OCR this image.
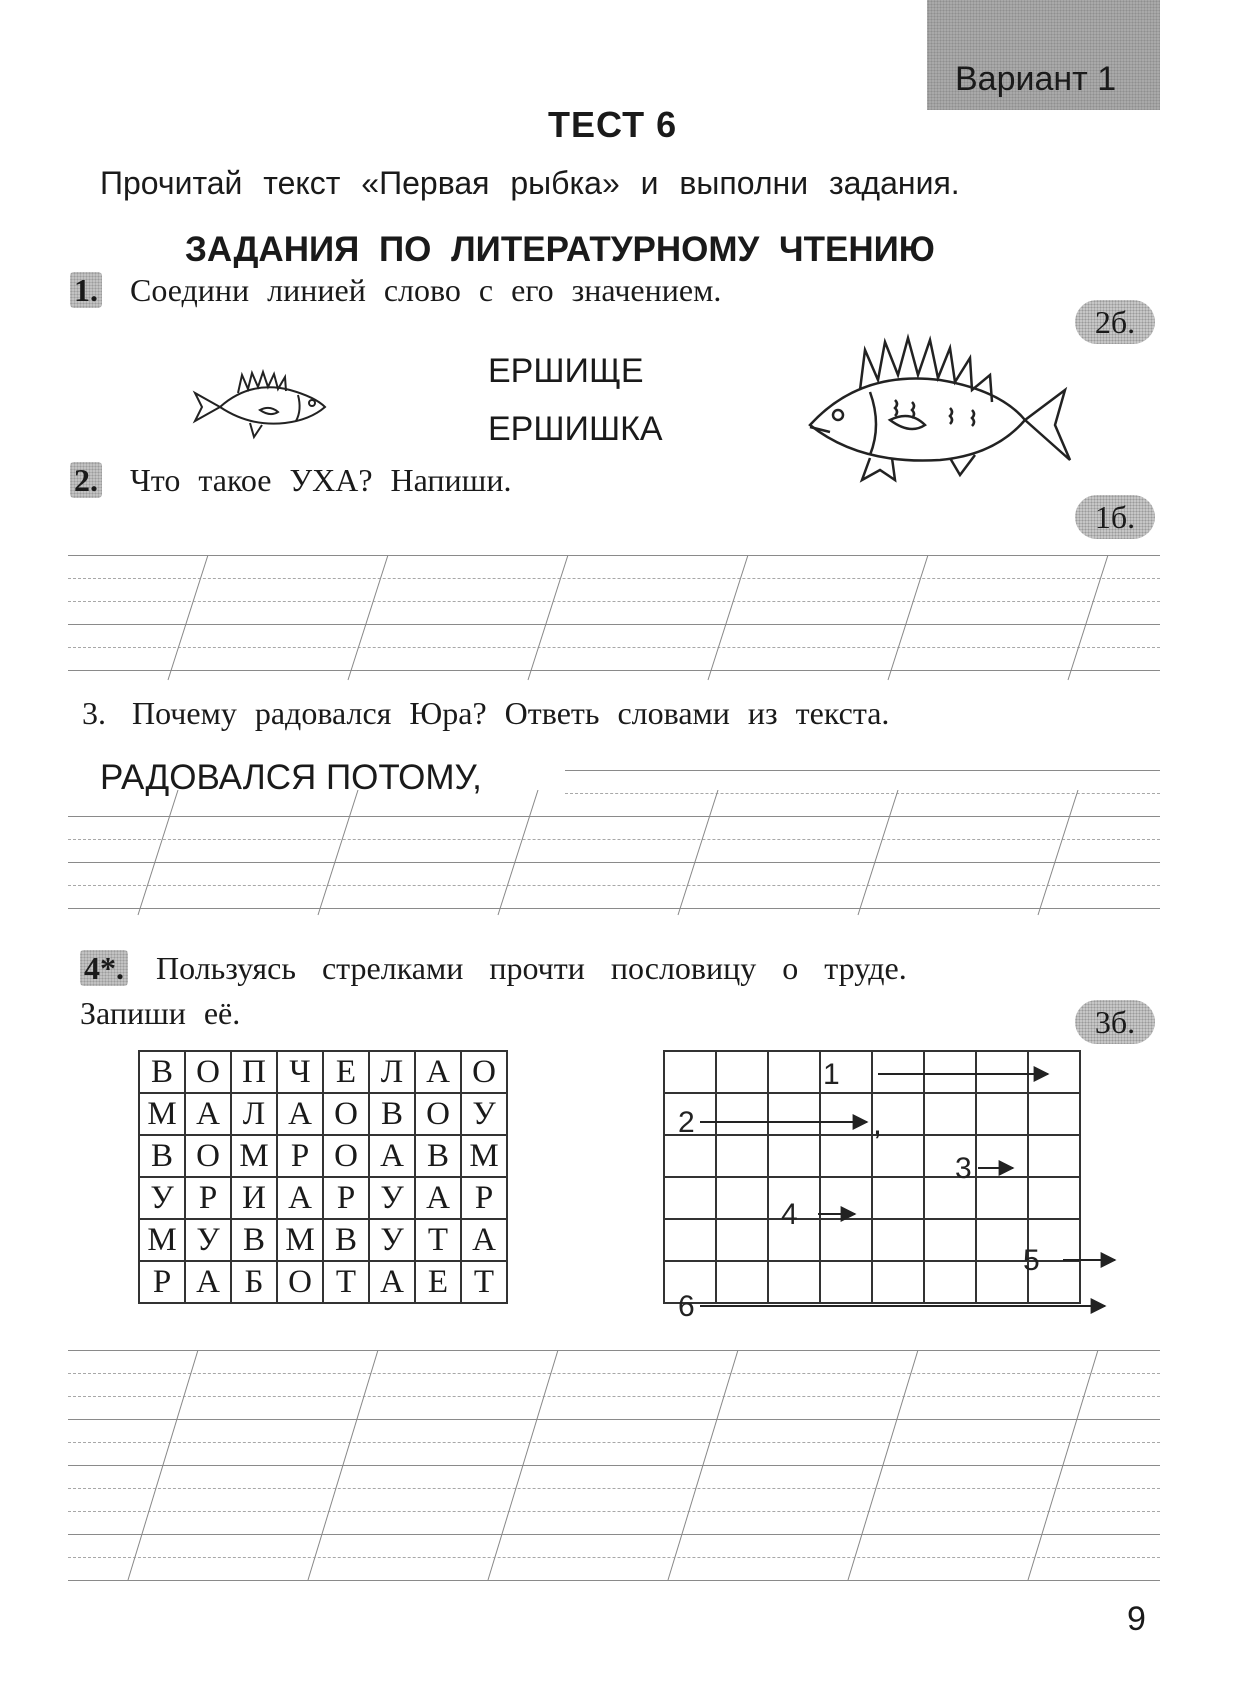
Вариант 1
ТЕСТ 6
Прочитай текст «Первая рыбка» и выполни задания.
ЗАДАНИЯ ПО ЛИТЕРАТУРНОМУ ЧТЕНИЮ
1. Соедини линией слово с его значением.
2б.
ЕРШИЩЕ
ЕРШИШКА
2. Что такое УХА? Напиши.
1б.
3. Почему радовался Юра? Ответь словами из текста.
РАДОВАЛСЯ ПОТОМУ,
4*. Пользуясь стрелками прочти пословицу о труде.
Запиши её.	3б.
В	О	П	Ч	Е	Л	А	О
М	А	Л	А	О	В	О	У
В	О	М	Р	О	А	В	М
У	Р	И	А	Р	У	А	Р
М	У	В	М	В	У	Т	А
Р	А	Б	О	Т	А	Е	Т

1
2
3
4
5
6
,
9
